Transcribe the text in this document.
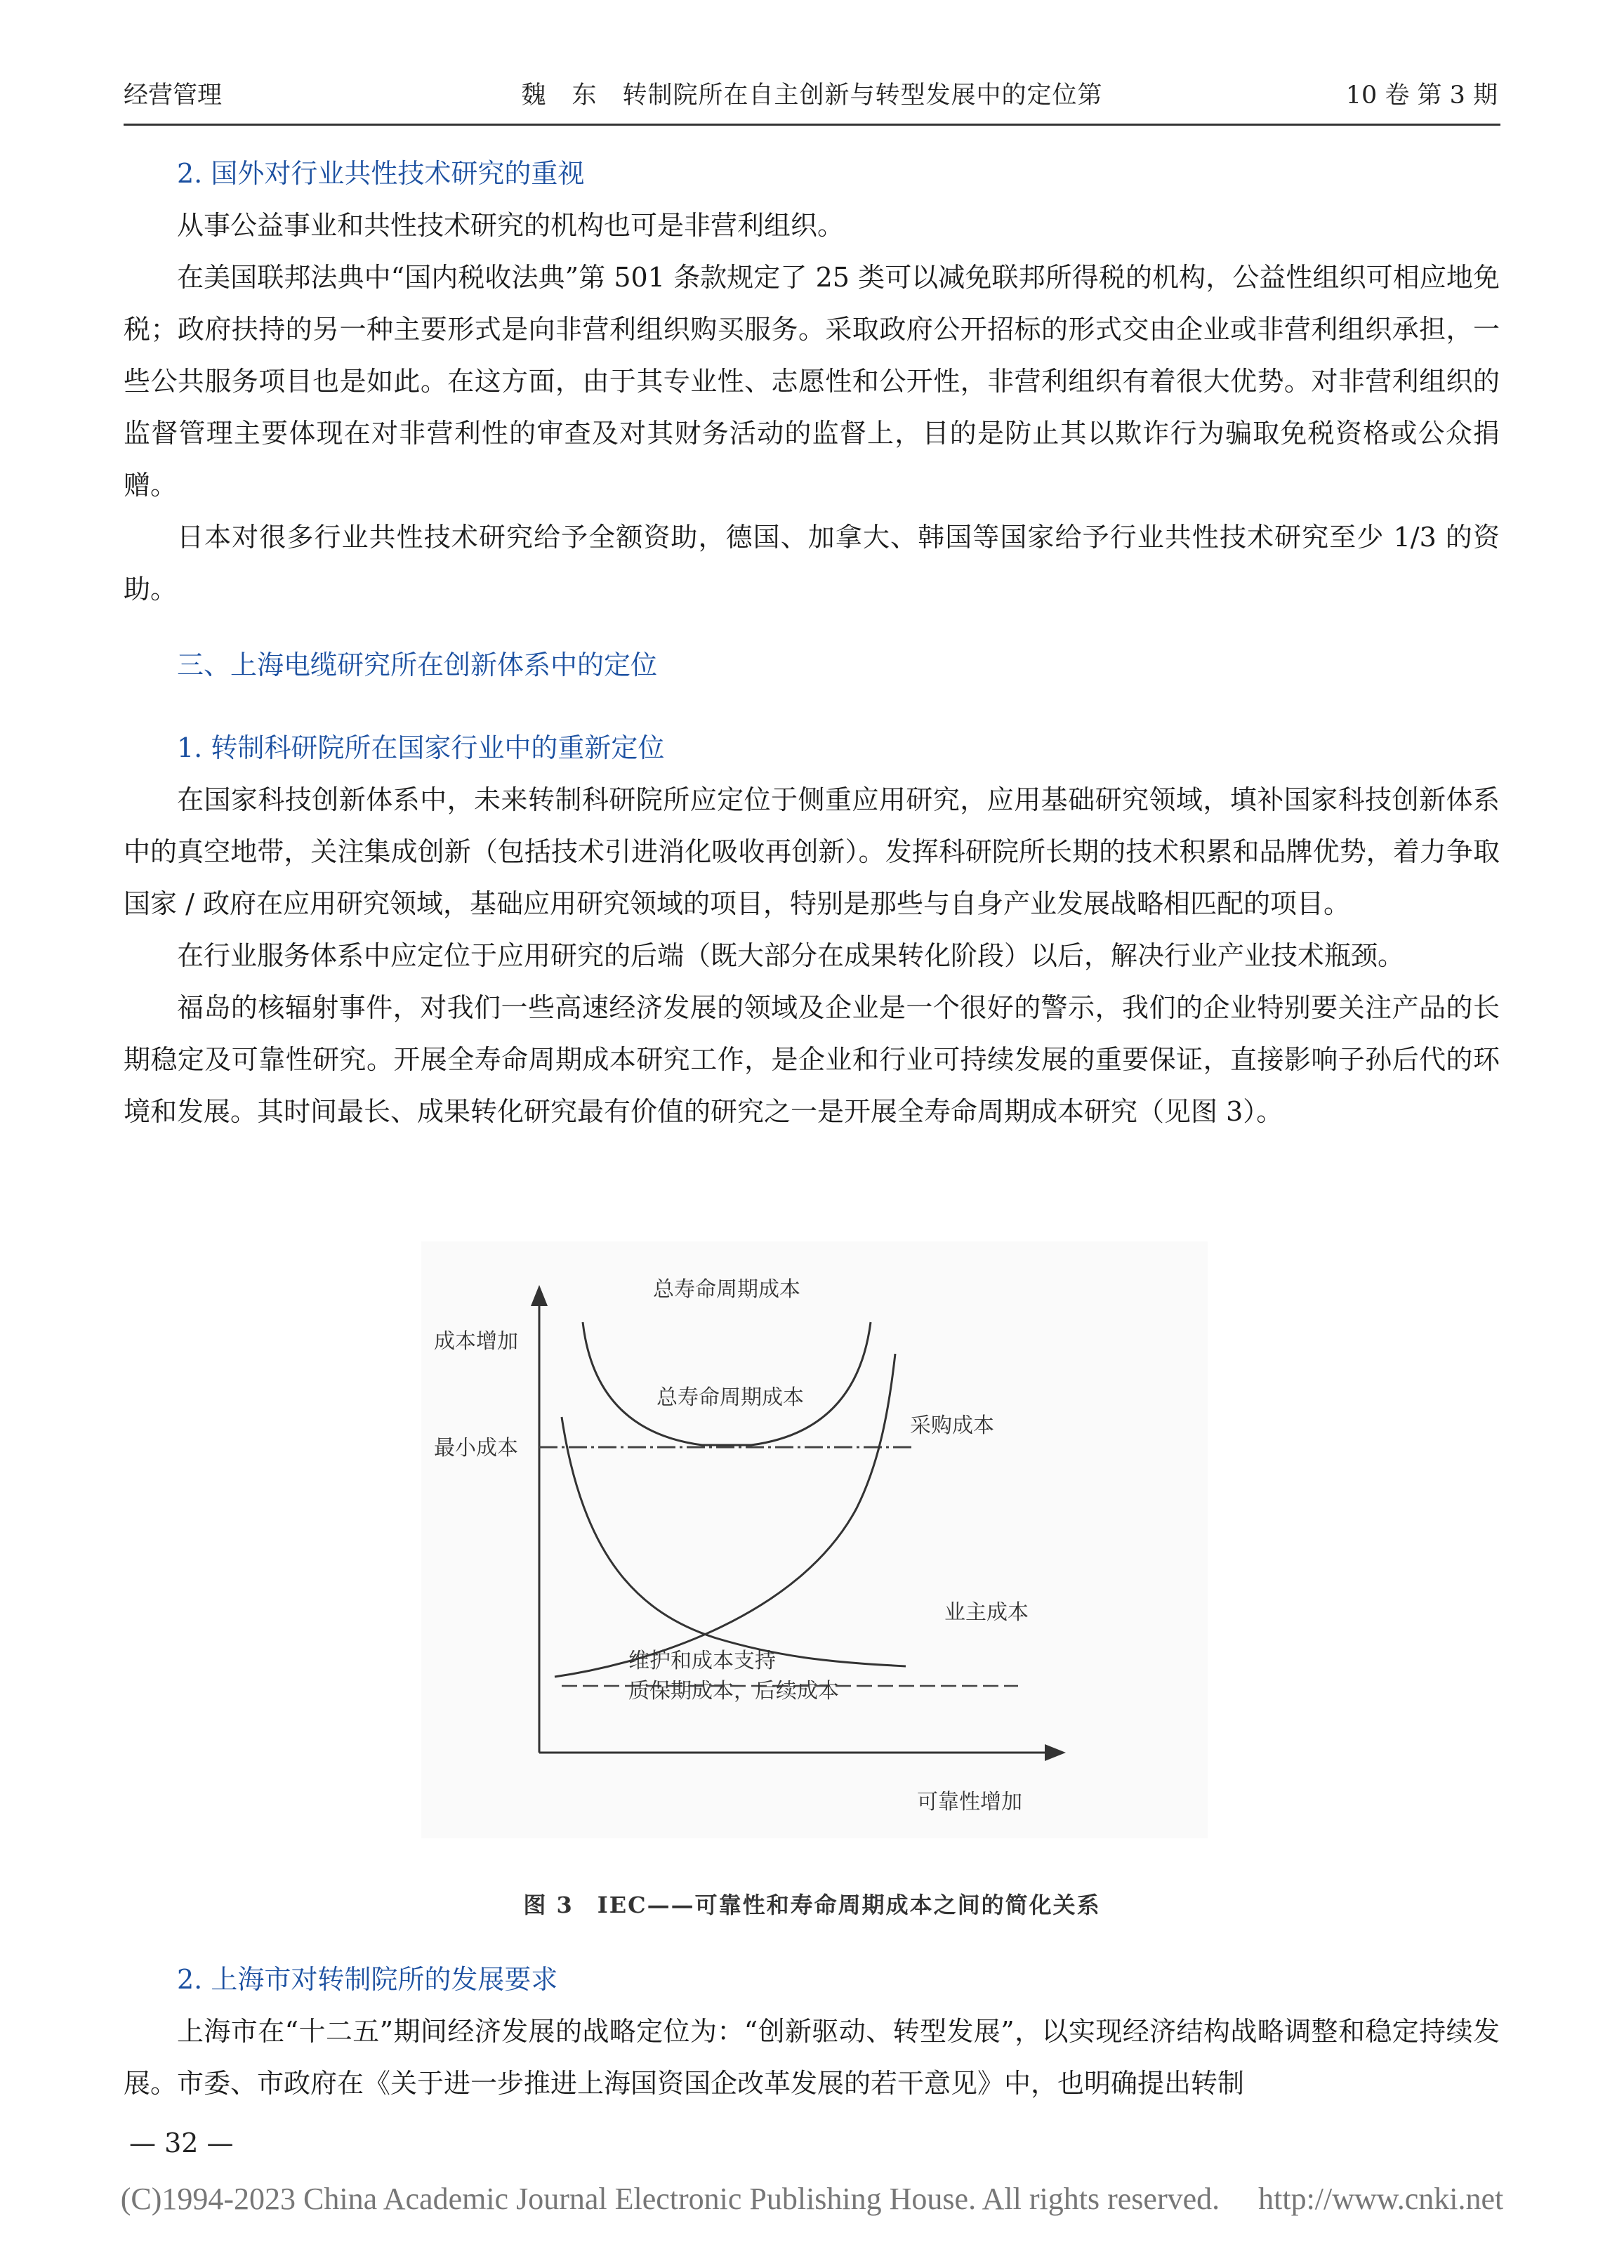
经营管理	魏　东　转制院所在自主创新与转型发展中的定位第	10 卷 第 3 期
2. 国外对行业共性技术研究的重视

从事公益事业和共性技术研究的机构也可是非营利组织。

在美国联邦法典中“国内税收法典”第 501 条款规定了 25 类可以减免联邦所得税的机构，公益性组织可相应地免税；政府扶持的另一种主要形式是向非营利组织购买服务。采取政府公开招标的形式交由企业或非营利组织承担，一些公共服务项目也是如此。在这方面，由于其专业性、志愿性和公开性，非营利组织有着很大优势。对非营利组织的监督管理主要体现在对非营利性的审查及对其财务活动的监督上，目的是防止其以欺诈行为骗取免税资格或公众捐赠。

日本对很多行业共性技术研究给予全额资助，德国、加拿大、韩国等国家给予行业共性技术研究至少 1/3 的资助。

三、上海电缆研究所在创新体系中的定位
1. 转制科研院所在国家行业中的重新定位

在国家科技创新体系中，未来转制科研院所应定位于侧重应用研究，应用基础研究领域，填补国家科技创新体系中的真空地带，关注集成创新（包括技术引进消化吸收再创新）。发挥科研院所长期的技术积累和品牌优势，着力争取国家 / 政府在应用研究领域，基础应用研究领域的项目，特别是那些与自身产业发展战略相匹配的项目。

在行业服务体系中应定位于应用研究的后端（既大部分在成果转化阶段）以后，解决行业产业技术瓶颈。

福岛的核辐射事件，对我们一些高速经济发展的领域及企业是一个很好的警示，我们的企业特别要关注产品的长期稳定及可靠性研究。开展全寿命周期成本研究工作，是企业和行业可持续发展的重要保证，直接影响子孙后代的环境和发展。其时间最长、成果转化研究最有价值的研究之一是开展全寿命周期成本研究（见图 3）。

总寿命周期成本
成本增加
最小成本
总寿命周期成本
采购成本
业主成本
维护和成本支持
质保期成本，后续成本
可靠性增加
图 3　IEC——可靠性和寿命周期成本之间的简化关系
2. 上海市对转制院所的发展要求

上海市在“十二五”期间经济发展的战略定位为：“创新驱动、转型发展”，以实现经济结构战略调整和稳定持续发展。市委、市政府在《关于进一步推进上海国资国企改革发展的若干意见》中，也明确提出转制

— 32 —
(C)1994-2023 China Academic Journal Electronic Publishing House. All rights reserved. http://www.cnki.net
